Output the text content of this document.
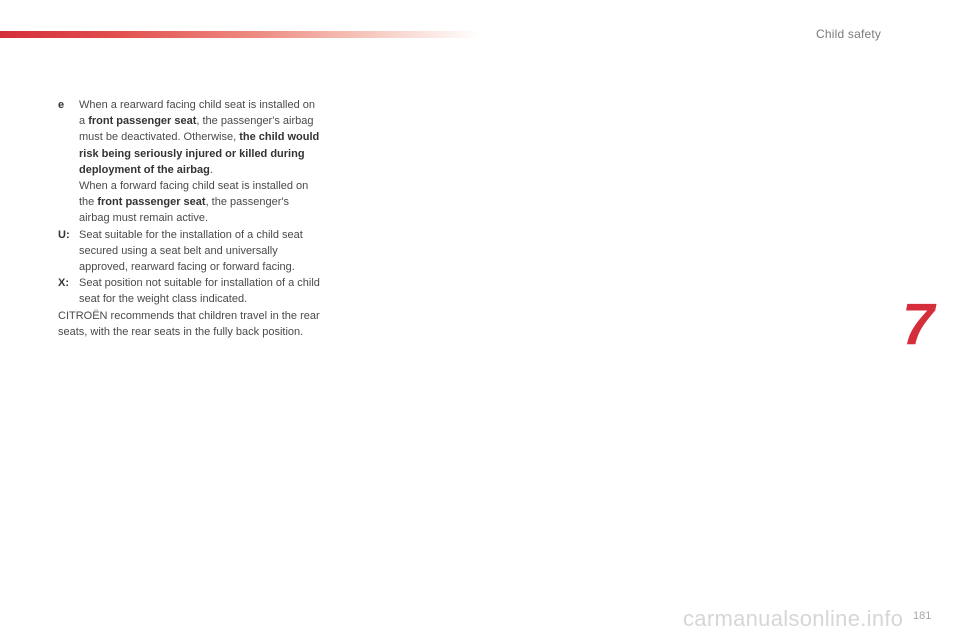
Child safety
e	When a rearward facing child seat is installed on a front passenger seat, the passenger's airbag must be deactivated. Otherwise, the child would risk being seriously injured or killed during deployment of the airbag.

When a forward facing child seat is installed on the front passenger seat, the passenger's airbag must remain active.

U: Seat suitable for the installation of a child seat secured using a seat belt and universally approved, rearward facing or forward facing.
X: Seat position not suitable for installation of a child seat for the weight class indicated.

CITROËN recommends that children travel in the rear seats, with the rear seats in the fully back position.	7
carmanualsonline.info 181
